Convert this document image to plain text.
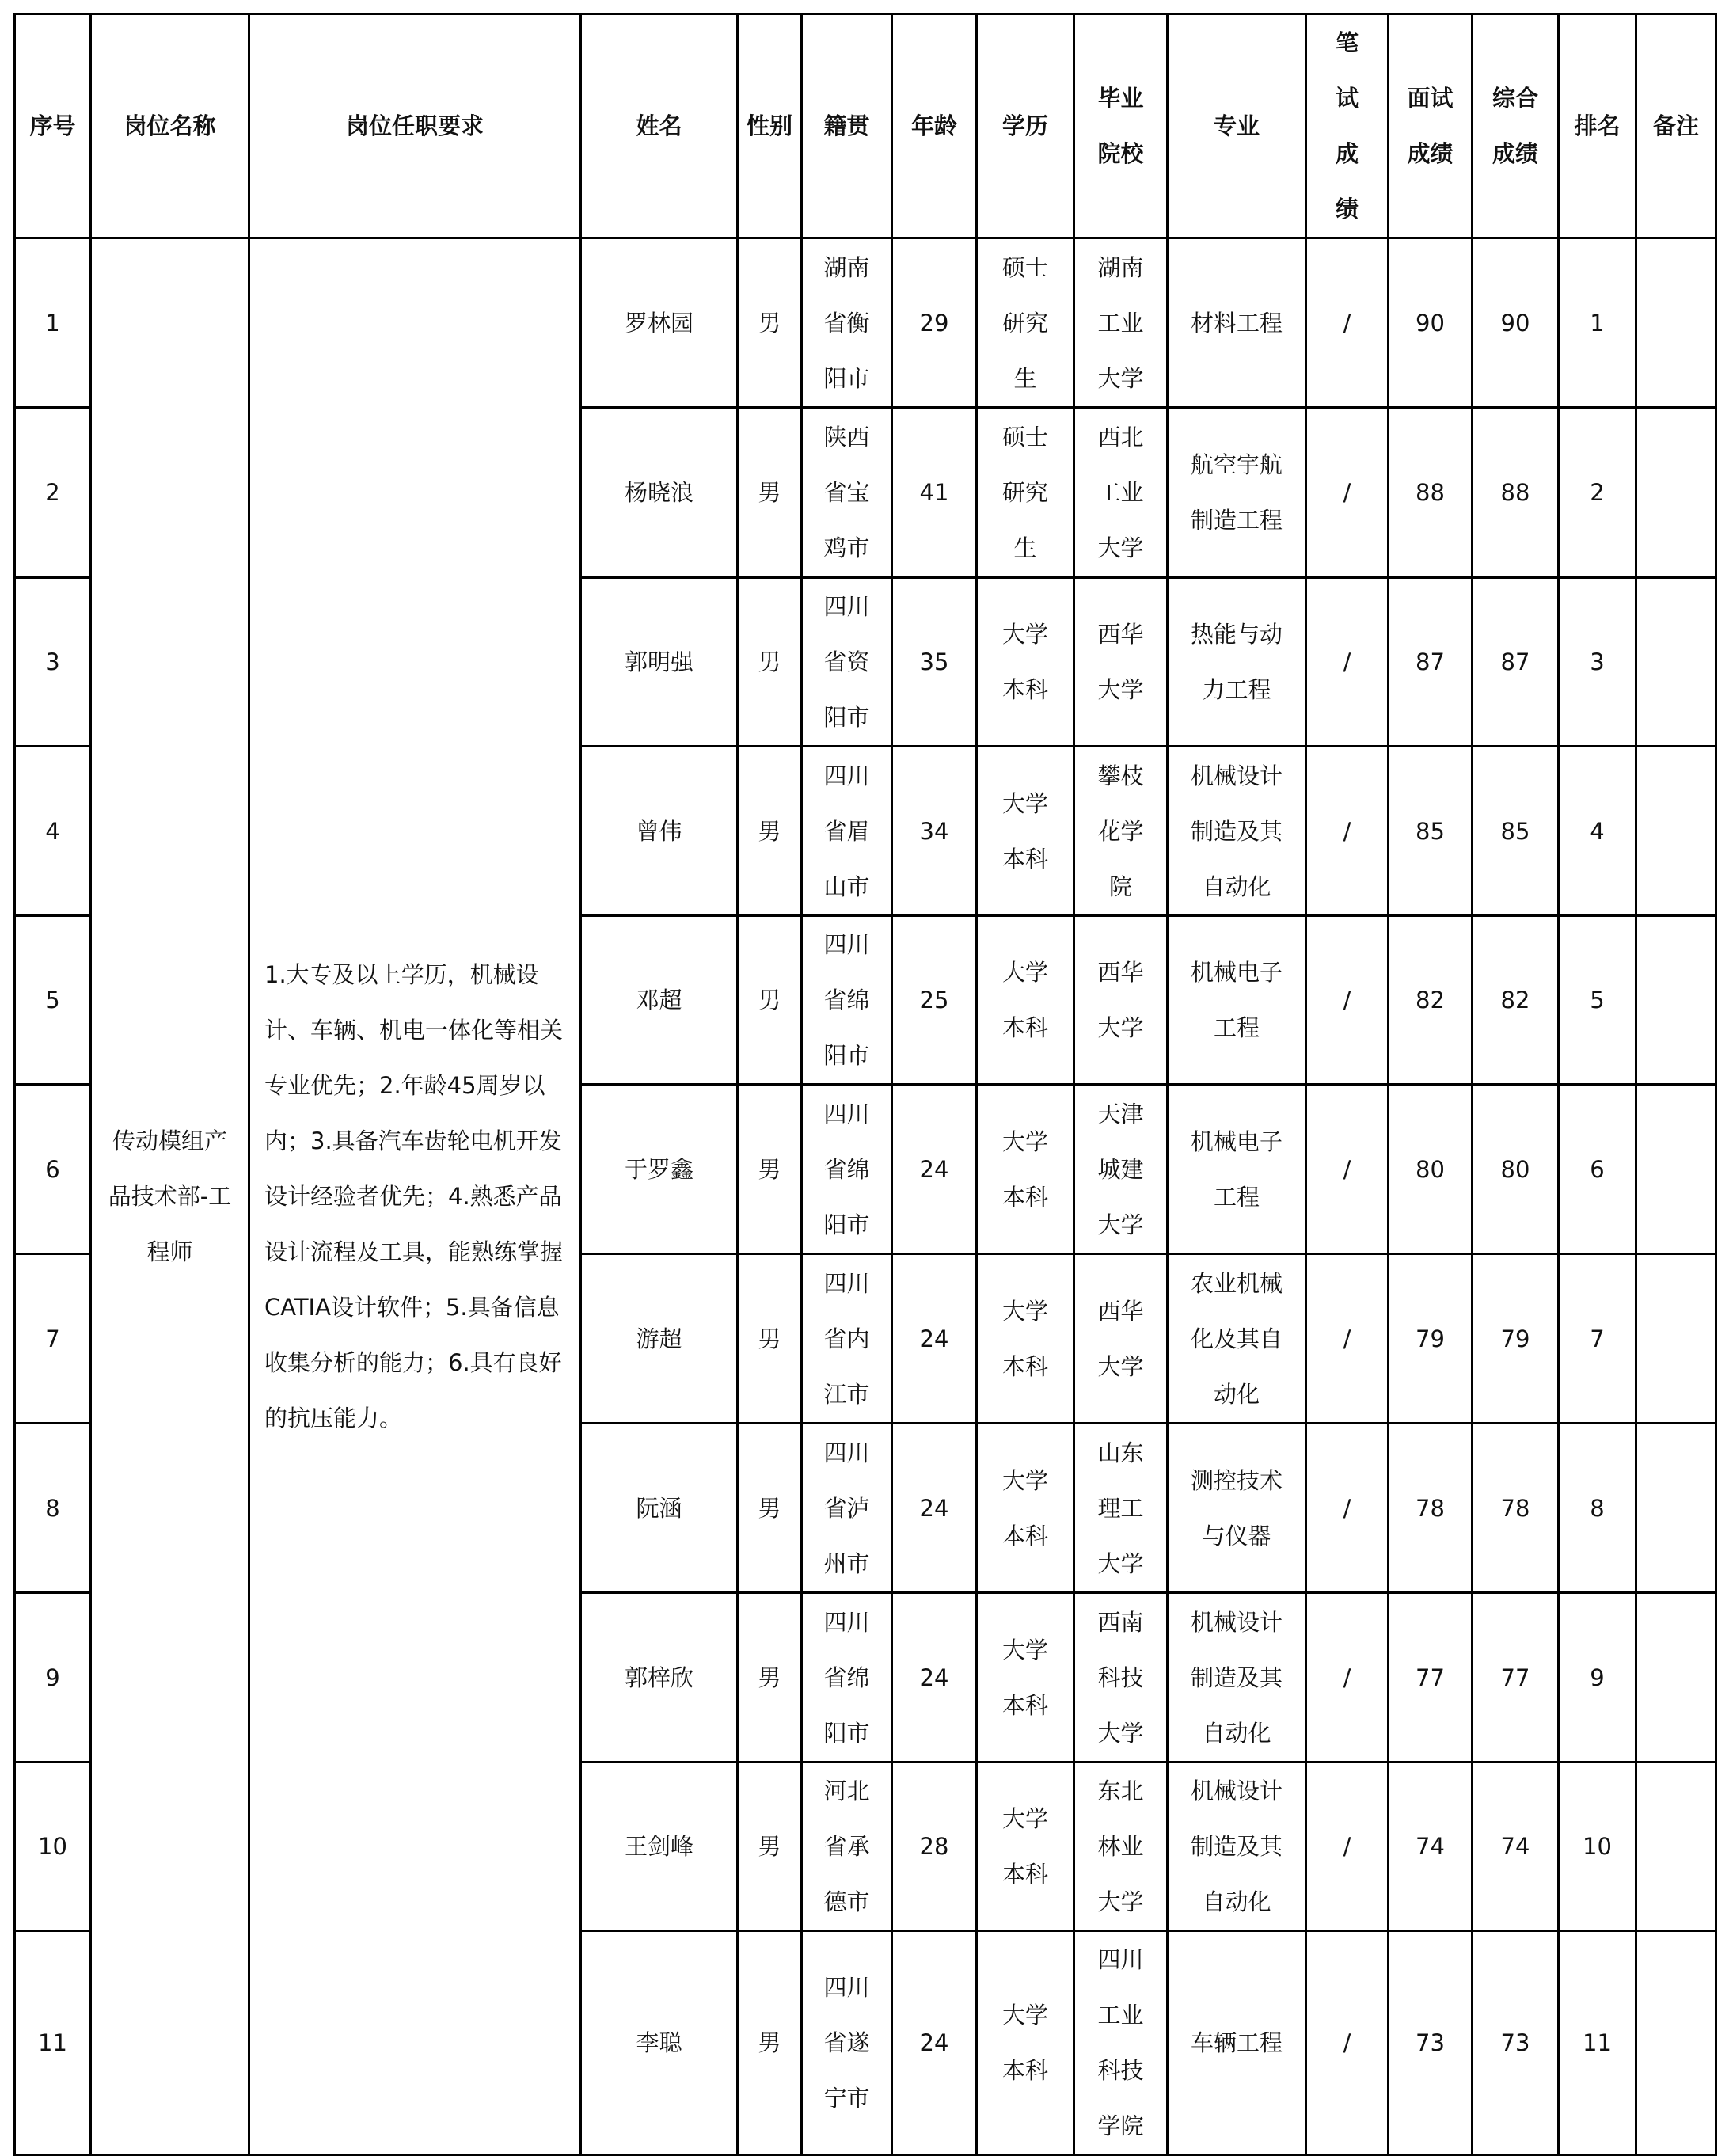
序号	岗位名称	岗位任职要求	姓名	性别	籍贯	年龄	学历	毕业院校	专业	笔试成绩	面试成绩	综合成绩	排名	备注
1	传动模组产品技术部-工程师	1.大专及以上学历，机械设计、车辆、机电一体化等相关专业优先；2.年龄45周岁以内；3.具备汽车齿轮电机开发设计经验者优先；4.熟悉产品设计流程及工具，能熟练掌握CATIA设计软件；5.具备信息收集分析的能力；6.具有良好的抗压能力。	罗林园	男	湖南省衡阳市	29	硕士研究生	湖南工业大学	材料工程	/	90	90	1	
2			杨晓浪	男	陕西省宝鸡市	41	硕士研究生	西北工业大学	航空宇航制造工程	/	88	88	2	
3			郭明强	男	四川省资阳市	35	大学本科	西华大学	热能与动力工程	/	87	87	3	
4			曾伟	男	四川省眉山市	34	大学本科	攀枝花学院	机械设计制造及其自动化	/	85	85	4	
5			邓超	男	四川省绵阳市	25	大学本科	西华大学	机械电子工程	/	82	82	5	
6			于罗鑫	男	四川省绵阳市	24	大学本科	天津城建大学	机械电子工程	/	80	80	6	
7			游超	男	四川省内江市	24	大学本科	西华大学	农业机械化及其自动化	/	79	79	7	
8			阮涵	男	四川省泸州市	24	大学本科	山东理工大学	测控技术与仪器	/	78	78	8	
9			郭梓欣	男	四川省绵阳市	24	大学本科	西南科技大学	机械设计制造及其自动化	/	77	77	9	
10			王剑峰	男	河北省承德市	28	大学本科	东北林业大学	机械设计制造及其自动化	/	74	74	10	
11			李聪	男	四川省遂宁市	24	大学本科	四川工业科技学院	车辆工程	/	73	73	11	
